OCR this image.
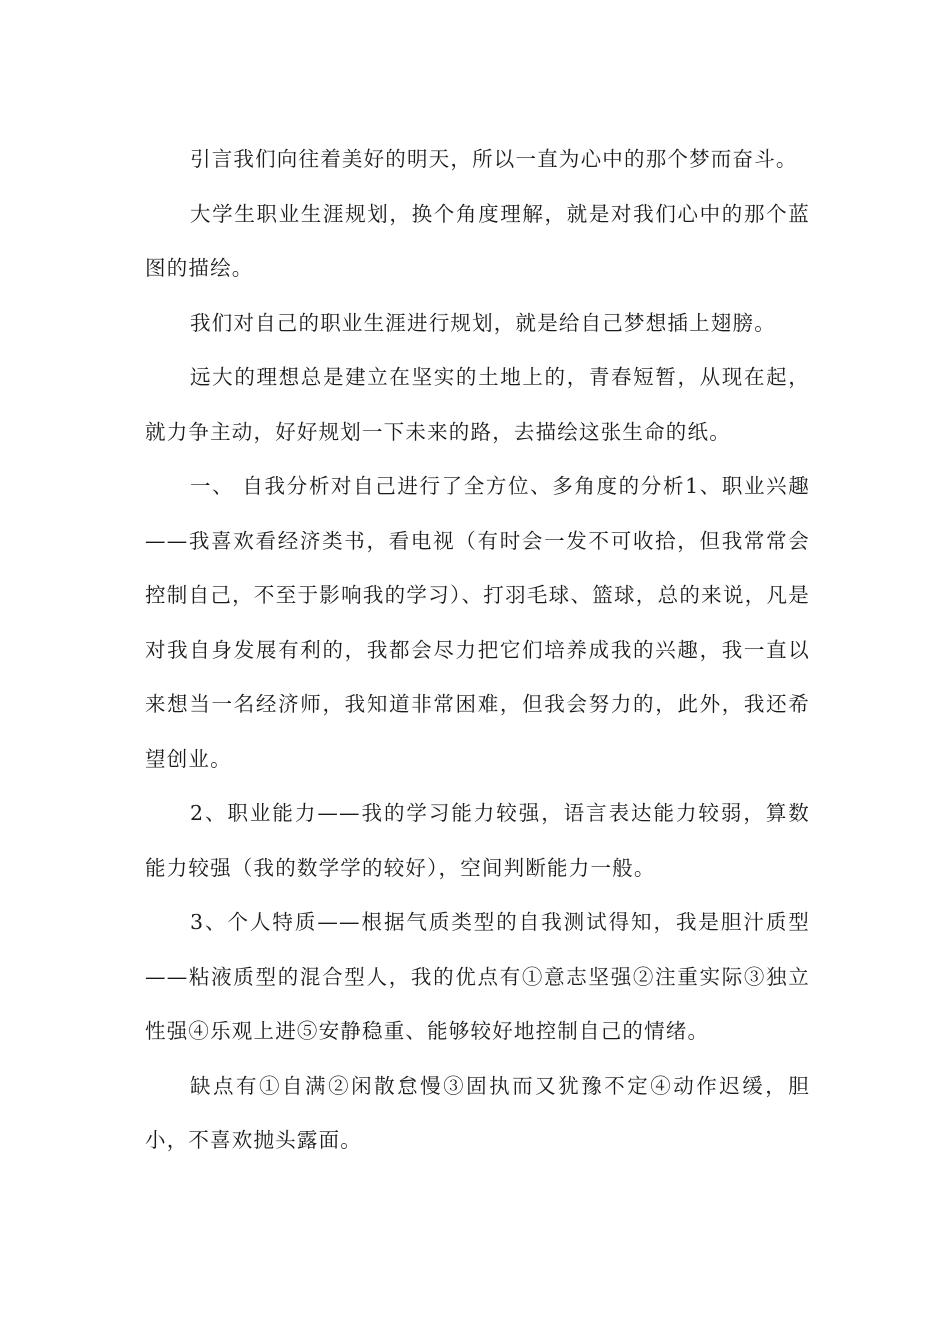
引言我们向往着美好的明天，所以一直为心中的那个梦而奋斗。

大学生职业生涯规划，换个角度理解，就是对我们心中的那个蓝图的描绘。

我们对自己的职业生涯进行规划，就是给自己梦想插上翅膀。

远大的理想总是建立在坚实的土地上的，青春短暂，从现在起，就力争主动，好好规划一下未来的路，去描绘这张生命的纸。

一、 自我分析对自己进行了全方位、多角度的分析1、职业兴趣——我喜欢看经济类书，看电视（有时会一发不可收拾，但我常常会控制自己，不至于影响我的学习）、打羽毛球、篮球，总的来说，凡是对我自身发展有利的，我都会尽力把它们培养成我的兴趣，我一直以来想当一名经济师，我知道非常困难，但我会努力的，此外，我还希望创业。

2、职业能力——我的学习能力较强，语言表达能力较弱，算数能力较强（我的数学学的较好），空间判断能力一般。

3、个人特质——根据气质类型的自我测试得知，我是胆汁质型——粘液质型的混合型人，我的优点有①意志坚强②注重实际③独立性强④乐观上进⑤安静稳重、能够较好地控制自己的情绪。

缺点有①自满②闲散怠慢③固执而又犹豫不定④动作迟缓，胆小，不喜欢抛头露面。
